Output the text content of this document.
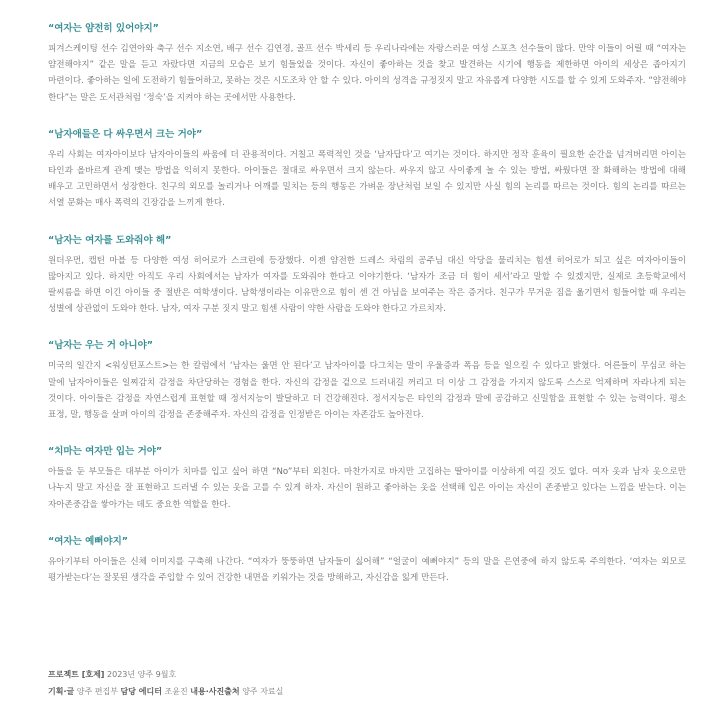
“여자는 얌전히 있어야지”

피겨스케이팅 선수 김연아와 축구 선수 지소연, 배구 선수 김연경, 골프 선수 박세리 등 우리나라에는 자랑스러운 여성 스포츠 선수들이 많다. 만약 이들이 어릴 때 “여자는 얌전해야지” 같은 말을 듣고 자랐다면 지금의 모습은 보기 힘들었을 것이다. 자신이 좋아하는 것을 찾고 발견하는 시기에 행동을 제한하면 아이의 세상은 좁아지기 마련이다. 좋아하는 일에 도전하기 힘들어하고, 못하는 것은 시도조차 안 할 수 있다. 아이의 성격을 규정짓지 말고 자유롭게 다양한 시도를 할 수 있게 도와주자. “얌전해야 한다”는 말은 도서관처럼 ‘정숙’을 지켜야 하는 곳에서만 사용한다.

“남자애들은 다 싸우면서 크는 거야”

우리 사회는 여자아이보다 남자아이들의 싸움에 더 관용적이다. 거칠고 폭력적인 것을 ‘남자답다’고 여기는 것이다. 하지만 정작 훈육이 필요한 순간을 넘겨버리면 아이는 타인과 올바르게 관계 맺는 방법을 익히지 못한다. 아이들은 절대로 싸우면서 크지 않는다. 싸우지 않고 사이좋게 놀 수 있는 방법, 싸웠다면 잘 화해하는 방법에 대해 배우고 고민하면서 성장한다. 친구의 외모를 놀리거나 어깨를 밀치는 등의 행동은 가벼운 장난처럼 보일 수 있지만 사실 힘의 논리를 따르는 것이다. 힘의 논리를 따르는 서열 문화는 매사 폭력의 긴장감을 느끼게 한다.

“남자는 여자를 도와줘야 해”

원더우먼, 캡틴 마블 등 다양한 여성 히어로가 스크린에 등장했다. 이젠 얌전한 드레스 차림의 공주님 대신 악당을 물리치는 힘센 히어로가 되고 싶은 여자아이들이 많아지고 있다. 하지만 아직도 우리 사회에서는 남자가 여자를 도와줘야 한다고 이야기한다. ‘남자가 조금 더 힘이 세서’라고 말할 수 있겠지만, 실제로 초등학교에서 팔씨름을 하면 이긴 아이들 중 절반은 여학생이다. 남학생이라는 이유만으로 힘이 센 건 아님을 보여주는 작은 증거다. 친구가 무거운 짐을 옮기면서 힘들어할 때 우리는 성별에 상관없이 도와야 한다. 남자, 여자 구분 짓지 말고 힘센 사람이 약한 사람을 도와야 한다고 가르치자.

“남자는 우는 거 아니야”

미국의 일간지 <워싱턴포스트>는 한 칼럼에서 ‘남자는 울면 안 된다’고 남자아이를 다그치는 말이 우울증과 폭음 등을 일으킬 수 있다고 밝혔다. 어른들이 무심코 하는 말에 남자아이들은 일찌감치 감정을 차단당하는 경험을 한다. 자신의 감정을 겉으로 드러내길 꺼리고 더 이상 그 감정을 가지지 않도록 스스로 억제하며 자라나게 되는 것이다. 아이들은 감정을 자연스럽게 표현할 때 정서지능이 발달하고 더 건강해진다. 정서지능은 타인의 감정과 말에 공감하고 신밀함을 표현할 수 있는 능력이다. 평소 표정, 말, 행동을 살펴 아이의 감정을 존중해주자. 자신의 감정을 인정받은 아이는 자존감도 높아진다.

“치마는 여자만 입는 거야”

아들을 둔 부모들은 대부분 아이가 치마를 입고 싶어 하면 “No”부터 외친다. 마찬가지로 바지만 고집하는 딸아이를 이상하게 여길 것도 없다. 여자 옷과 남자 옷으로만 나누지 말고 자신을 잘 표현하고 드러낼 수 있는 옷을 고를 수 있게 하자. 자신이 원하고 좋아하는 옷을 선택해 입은 아이는 자신이 존중받고 있다는 느낌을 받는다. 이는 자아존중감을 쌓아가는 데도 중요한 역할을 한다.

“여자는 예뻐야지”

유아기부터 아이들은 신체 이미지를 구축해 나간다. “여자가 뚱뚱하면 남자들이 싫어해” “얼굴이 예뻐야지” 등의 말을 은연중에 하지 않도록 주의한다. ‘여자는 외모로 평가받는다’는 잘못된 생각을 주입할 수 있어 건강한 내면을 키워가는 것을 방해하고, 자신감을 잃게 만든다.

프로젝트 [호제] 2023년 양주 9월호
기획·글 양주 편집부 담당 에디터 조윤진 내용·사진출처 양주 자료실
